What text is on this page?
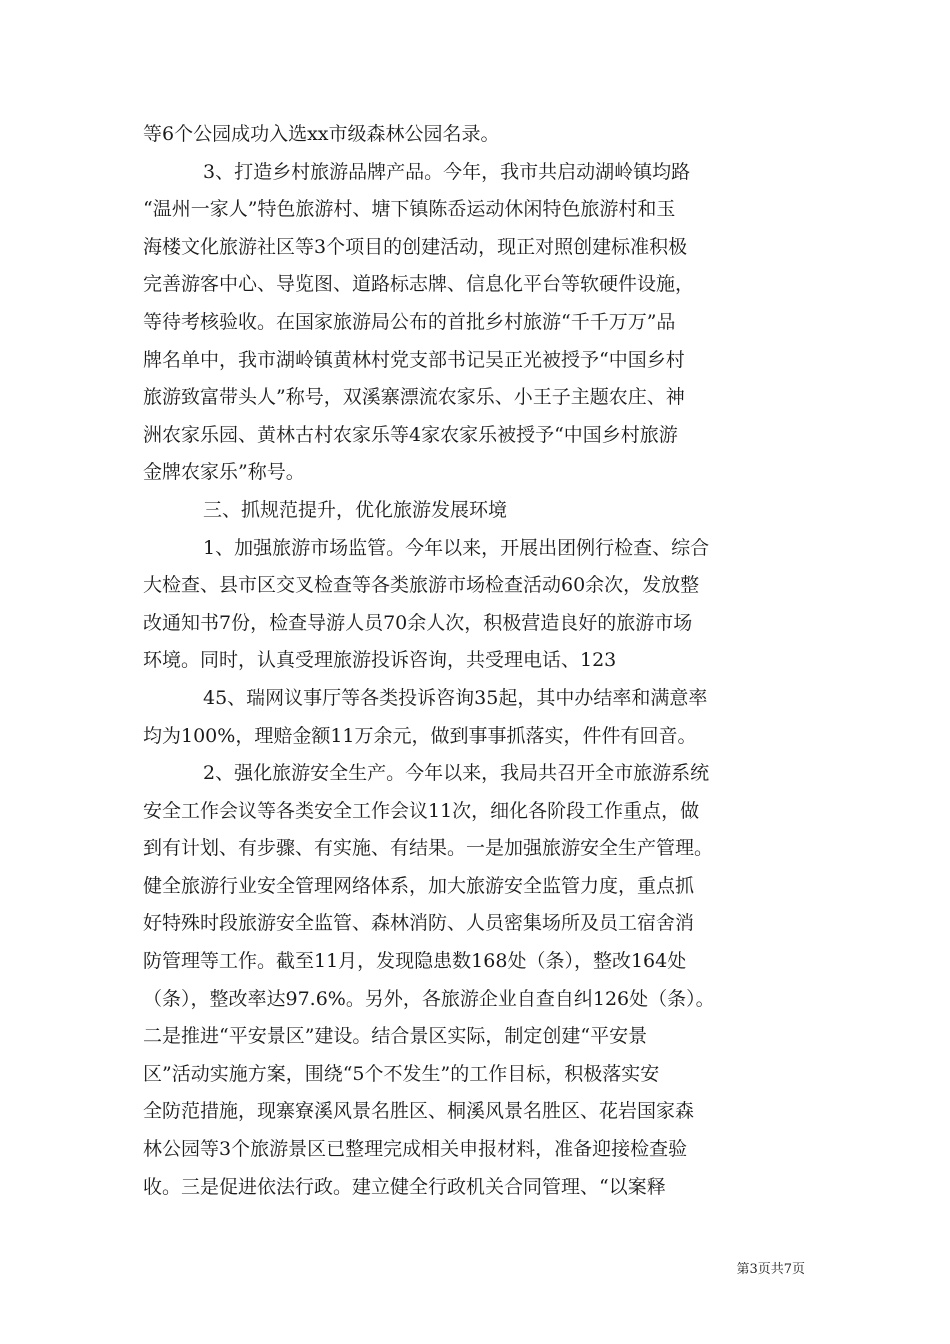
等6个公园成功入选xx市级森林公园名录。
3、打造乡村旅游品牌产品。今年，我市共启动湖岭镇均路
“温州一家人”特色旅游村、塘下镇陈岙运动休闲特色旅游村和玉
海楼文化旅游社区等3个项目的创建活动，现正对照创建标准积极
完善游客中心、导览图、道路标志牌、信息化平台等软硬件设施，
等待考核验收。在国家旅游局公布的首批乡村旅游“千千万万”品
牌名单中，我市湖岭镇黄林村党支部书记吴正光被授予“中国乡村
旅游致富带头人”称号，双溪寨漂流农家乐、小王子主题农庄、神
洲农家乐园、黄林古村农家乐等4家农家乐被授予“中国乡村旅游
金牌农家乐”称号。
三、抓规范提升，优化旅游发展环境
1、加强旅游市场监管。今年以来，开展出团例行检查、综合
大检查、县市区交叉检查等各类旅游市场检查活动60余次，发放整
改通知书7份，检查导游人员70余人次，积极营造良好的旅游市场
环境。同时，认真受理旅游投诉咨询，共受理电话、123
45、瑞网议事厅等各类投诉咨询35起，其中办结率和满意率
均为100%，理赔金额11万余元，做到事事抓落实，件件有回音。
2、强化旅游安全生产。今年以来，我局共召开全市旅游系统
安全工作会议等各类安全工作会议11次，细化各阶段工作重点，做
到有计划、有步骤、有实施、有结果。一是加强旅游安全生产管理。
健全旅游行业安全管理网络体系，加大旅游安全监管力度，重点抓
好特殊时段旅游安全监管、森林消防、人员密集场所及员工宿舍消
防管理等工作。截至11月，发现隐患数168处（条），整改164处
（条），整改率达97.6%。另外，各旅游企业自查自纠126处（条）。
二是推进“平安景区”建设。结合景区实际，制定创建“平安景
区”活动实施方案，围绕“5个不发生”的工作目标，积极落实安
全防范措施，现寨寮溪风景名胜区、桐溪风景名胜区、花岩国家森
林公园等3个旅游景区已整理完成相关申报材料，准备迎接检查验
收。三是促进依法行政。建立健全行政机关合同管理、“以案释
第3页共7页
